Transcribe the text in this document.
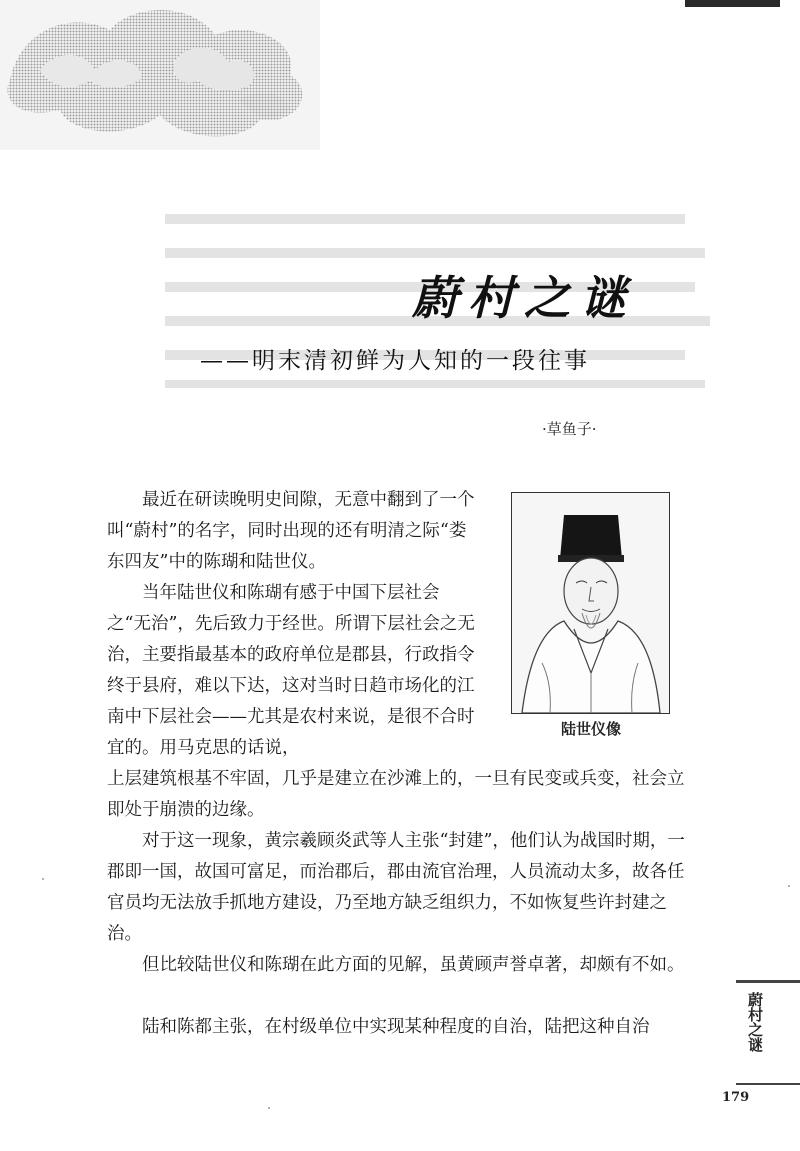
蔚村之谜
——明末清初鲜为人知的一段往事
·草鱼子·
陆世仪像

最近在研读晚明史间隙，无意中翻到了一个叫“蔚村”的名字，同时出现的还有明清之际“娄东四友”中的陈瑚和陆世仪。

当年陆世仪和陈瑚有感于中国下层社会之“无治”，先后致力于经世。所谓下层社会之无治，主要指最基本的政府单位是郡县，行政指令终于县府，难以下达，这对当时日趋市场化的江南中下层社会——尤其是农村来说，是很不合时宜的。用马克思的话说，

上层建筑根基不牢固，几乎是建立在沙滩上的，一旦有民变或兵变，社会立即处于崩溃的边缘。

对于这一现象，黄宗羲顾炎武等人主张“封建”，他们认为战国时期，一郡即一国，故国可富足，而治郡后，郡由流官治理，人员流动太多，故各任官员均无法放手抓地方建设，乃至地方缺乏组织力，不如恢复些许封建之治。

但比较陆世仪和陈瑚在此方面的见解，虽黄顾声誉卓著，却颇有不如。

陆和陈都主张，在村级单位中实现某种程度的自治，陆把这种自治	蔚村之谜
179
